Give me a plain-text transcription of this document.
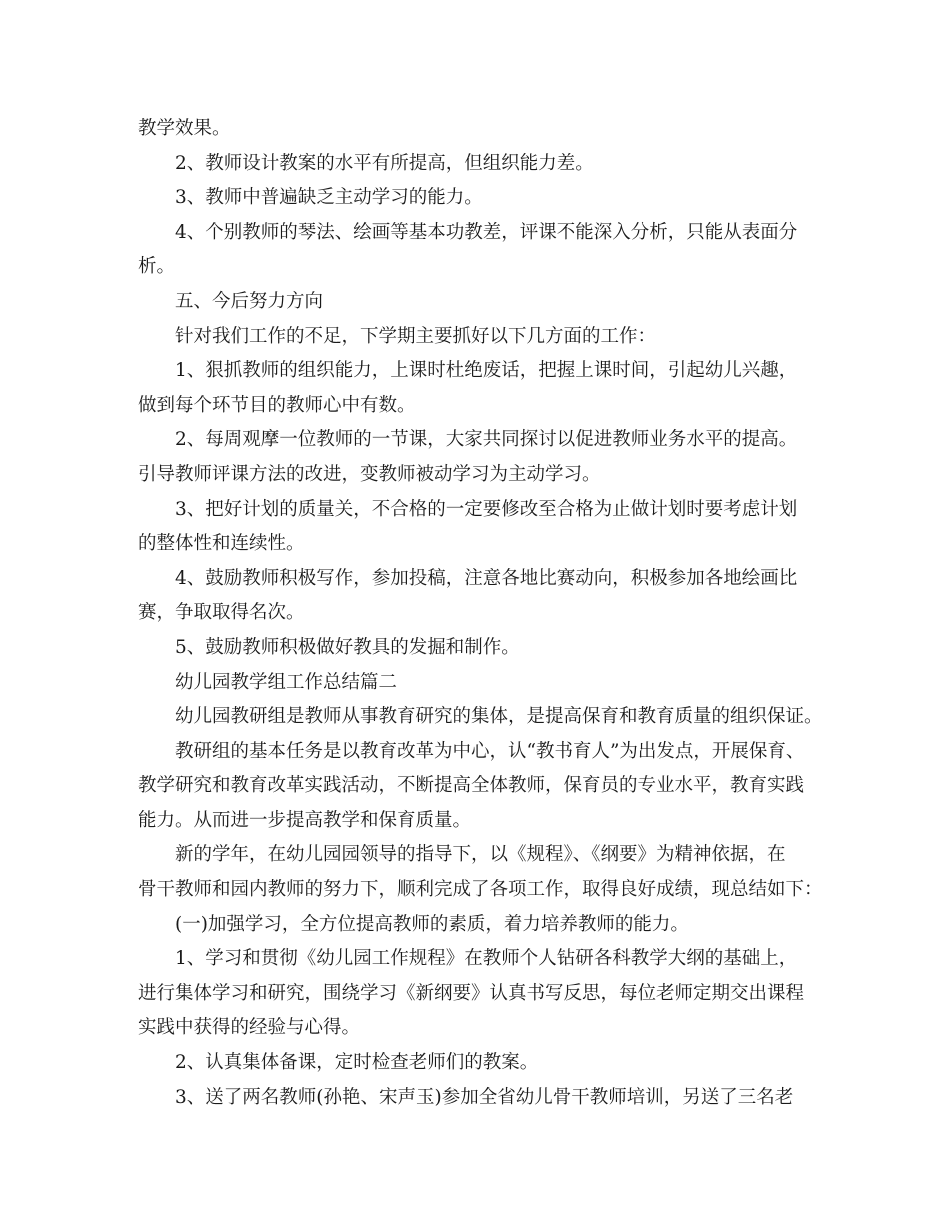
教学效果。
2、教师设计教案的水平有所提高，但组织能力差。
3、教师中普遍缺乏主动学习的能力。
4、个别教师的琴法、绘画等基本功教差，评课不能深入分析，只能从表面分
析。
五、今后努力方向
针对我们工作的不足，下学期主要抓好以下几方面的工作：
1、狠抓教师的组织能力，上课时杜绝废话，把握上课时间，引起幼儿兴趣，
做到每个环节目的教师心中有数。
2、每周观摩一位教师的一节课，大家共同探讨以促进教师业务水平的提高。
引导教师评课方法的改进，变教师被动学习为主动学习。
3、把好计划的质量关，不合格的一定要修改至合格为止做计划时要考虑计划
的整体性和连续性。
4、鼓励教师积极写作，参加投稿，注意各地比赛动向，积极参加各地绘画比
赛，争取取得名次。
5、鼓励教师积极做好教具的发掘和制作。
幼儿园教学组工作总结篇二
幼儿园教研组是教师从事教育研究的集体，是提高保育和教育质量的组织保证。
教研组的基本任务是以教育改革为中心，认“教书育人”为出发点，开展保育、
教学研究和教育改革实践活动，不断提高全体教师，保育员的专业水平，教育实践
能力。从而进一步提高教学和保育质量。
新的学年，在幼儿园园领导的指导下，以《规程》、《纲要》为精神依据，在
骨干教师和园内教师的努力下，顺利完成了各项工作，取得良好成绩，现总结如下：
(一)加强学习，全方位提高教师的素质，着力培养教师的能力。
1、学习和贯彻《幼儿园工作规程》在教师个人钻研各科教学大纲的基础上，
进行集体学习和研究，围绕学习《新纲要》认真书写反思，每位老师定期交出课程
实践中获得的经验与心得。
2、认真集体备课，定时检查老师们的教案。
3、送了两名教师(孙艳、宋声玉)参加全省幼儿骨干教师培训，另送了三名老
